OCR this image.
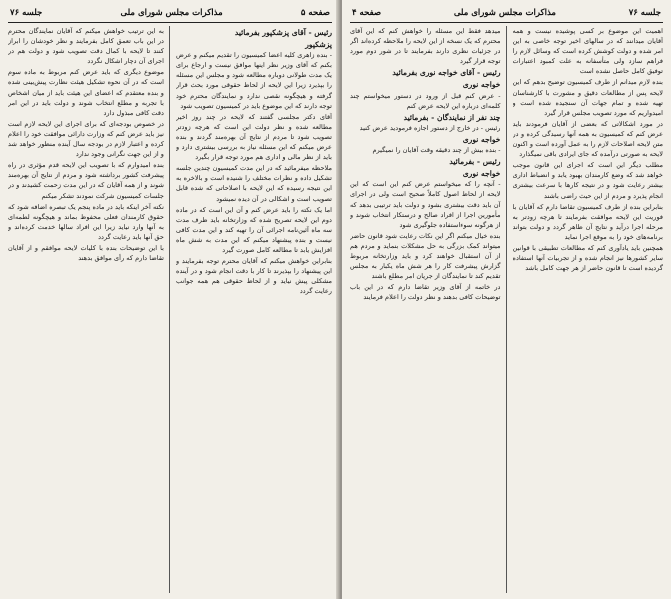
صفحه ۵
مذاکرات مجلس شورای ملی
جلسه ۷۶
رئیس - آقای پزشکپور بفرمائید
پزشکپور

- بنده زاهری کلیه اعضا کمیسیون را تقدیم میکنم و عرض بکنم که آقای وزیر نظر اینها موافق نیست و ارجاع برای یک مدت طولانی دوباره مطالعه شود و مجلس این مسئله را بپذیرد زیرا این لایحه از لحاظ حقوقی مورد بحث قرار گرفته و هیچگونه نقصی ندارد و نمایندگان محترم خود توجه دارند که این موضوع باید در کمیسیون تصویب شود

آقای دکتر مجلسی گفتند که لایحه در چند روز اخیر مطالعه شده و نظر دولت این است که هرچه زودتر تصویب شود تا مردم از نتایج آن بهره‌مند گردند و بنده عرض میکنم که این مسئله نیاز به بررسی بیشتری دارد و باید از نظر مالی و اداری هم مورد توجه قرار بگیرد

ملاحظه میفرمائید که در این مدت کمیسیون چندین جلسه تشکیل داده و نظرات مختلف را شنیده است و بالاخره به این نتیجه رسیده که این لایحه با اصلاحاتی که شده قابل تصویب است و اشکالی در آن دیده نمیشود

اما یک نکته را باید عرض کنم و آن این است که در ماده دوم این لایحه تصریح شده که وزارتخانه باید ظرف مدت سه ماه آئین‌نامه اجرائی آن را تهیه کند و این مدت کافی نیست و بنده پیشنهاد میکنم که این مدت به شش ماه افزایش یابد تا مطالعه کامل صورت گیرد

بنابراین خواهش میکنم که آقایان محترم توجه بفرمایند و این پیشنهاد را بپذیرند تا کار با دقت انجام شود و در آینده مشکلی پیش نیاید و از لحاظ حقوقی هم همه جوانب رعایت گردد

به این ترتیب خواهش میکنم که آقایان نمایندگان محترم در این باب تعمق کامل بفرمایند و نظر خودشان را ابراز کنند تا لایحه با کمال دقت تصویب شود و دولت هم در اجرای آن دچار اشکال نگردد

موضوع دیگری که باید عرض کنم مربوط به ماده سوم است که در آن نحوه تشکیل هیئت نظارت پیش‌بینی شده و بنده معتقدم که اعضای این هیئت باید از میان اشخاص با تجربه و مطلع انتخاب شوند و دولت باید در این امر دقت کافی مبذول دارد

در خصوص بودجه‌ای که برای اجرای این لایحه لازم است نیز باید عرض کنم که وزارت دارائی موافقت خود را اعلام کرده و اعتبار لازم در بودجه سال آینده منظور خواهد شد و از این جهت نگرانی وجود ندارد

بنده امیدوارم که با تصویب این لایحه قدم مؤثری در راه پیشرفت کشور برداشته شود و مردم از نتایج آن بهره‌مند شوند و از همه آقایان که در این مدت زحمت کشیدند و در جلسات کمیسیون شرکت نمودند تشکر میکنم

نکته آخر اینکه باید در ماده پنجم یک تبصره اضافه شود که حقوق کارمندان فعلی محفوظ بماند و هیچگونه لطمه‌ای به آنها وارد نیاید زیرا این افراد سالها خدمت کرده‌اند و حق آنها باید رعایت گردد

با این توضیحات بنده با کلیات لایحه موافقم و از آقایان تقاضا دارم که رأی موافق بدهند

جلسه ۷۶
مذاکرات مجلس شورای ملی
صفحه ۴

اهمیت این موضوع بر کسی پوشیده نیست و همه آقایان میدانند که در سالهای اخیر توجه خاصی به این امر شده و دولت کوشش کرده است که وسائل لازم را فراهم سازد ولی متأسفانه به علت کمبود اعتبارات توفیق کامل حاصل نشده است

بنده لازم میدانم از طرف کمیسیون توضیح بدهم که این لایحه پس از مطالعات دقیق و مشورت با کارشناسان تهیه شده و تمام جهات آن سنجیده شده است و امیدواریم که مورد تصویب مجلس قرار گیرد

در مورد اشکالاتی که بعضی از آقایان فرمودند باید عرض کنم که کمیسیون به همه آنها رسیدگی کرده و در متن لایحه اصلاحات لازم را به عمل آورده است و اکنون لایحه به صورتی درآمده که جای ایرادی باقی نمیگذارد

مطلب دیگر این است که اجرای این قانون موجب خواهد شد که وضع کارمندان بهبود یابد و انضباط اداری بیشتر رعایت شود و در نتیجه کارها با سرعت بیشتری انجام پذیرد و مردم از این حیث راضی باشند

بنابراین بنده از طرف کمیسیون تقاضا دارم که آقایان با فوریت این لایحه موافقت بفرمایند تا هرچه زودتر به مرحله اجرا درآید و نتایج آن ظاهر گردد و دولت بتواند برنامه‌های خود را به موقع اجرا نماید

همچنین باید یادآوری کنم که مطالعات تطبیقی با قوانین سایر کشورها نیز انجام شده و از تجربیات آنها استفاده گردیده است تا قانون حاضر از هر جهت کامل باشد

میدهد فقط این مسئله را خواهش کنم که این آقای محترم که یک نسخه از این لایحه را ملاحظه کرده‌اند اگر در جزئیات نظری دارند بفرمایند تا در شور دوم مورد توجه قرار گیرد

رئیس - آقای خواجه نوری بفرمائید
خواجه نوری

- عرض کنم قبل از ورود در دستور میخواستم چند کلمه‌ای درباره این لایحه عرض کنم

چند نفر از نمایندگان - بفرمائید

رئیس - در خارج از دستور اجازه فرمودید عرض کنید

خواجه نوری

- بنده بیش از چند دقیقه وقت آقایان را نمیگیرم

رئیس - بفرمائید
خواجه نوری

- آنچه را که میخواستم عرض کنم این است که این لایحه از لحاظ اصول کاملاً صحیح است ولی در اجرای آن باید دقت بیشتری بشود و دولت باید ترتیبی بدهد که مأمورین اجرا از افراد صالح و درستکار انتخاب شوند و از هرگونه سوءاستفاده جلوگیری شود

بنده خیال میکنم اگر این نکات رعایت شود قانون حاضر میتواند کمک بزرگی به حل مشکلات بنماید و مردم هم از آن استقبال خواهند کرد و باید وزارتخانه مربوط گزارش پیشرفت کار را هر شش ماه یکبار به مجلس تقدیم کند تا نمایندگان از جریان امر مطلع باشند

در خاتمه از آقای وزیر تقاضا دارم که در این باب توضیحات کافی بدهند و نظر دولت را اعلام فرمایند
